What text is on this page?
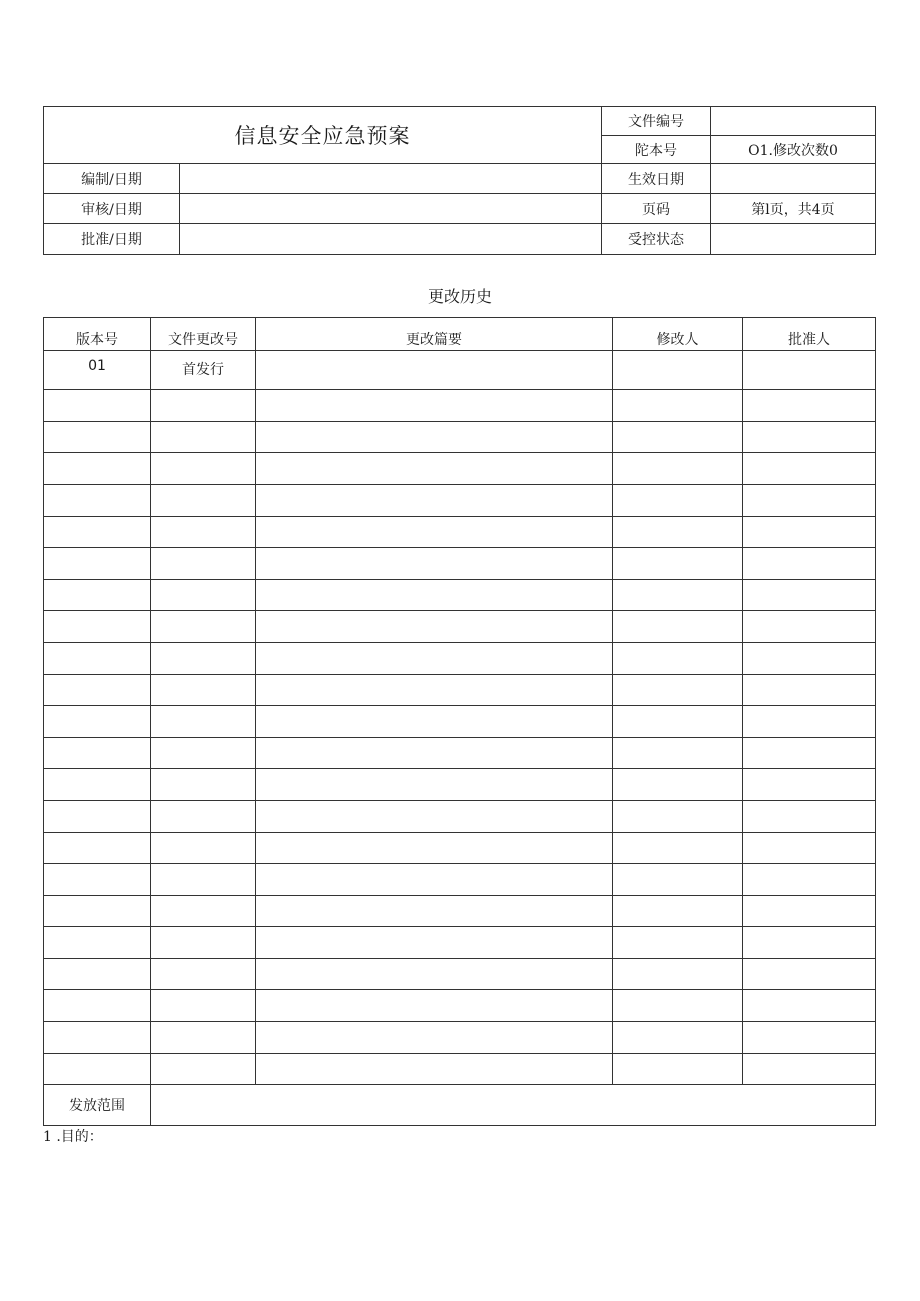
信息安全应急预案		文件编号	
		陀本号	O1.修改次数0
编制/日期		生效日期	
审核/日期		页码	第l页，共4页
批准/日期		受控状态	
更改历史
版本号	文件更改号	更改篇要	修改人	批准人
01	首发行			

发放范围				
1 .目的：
